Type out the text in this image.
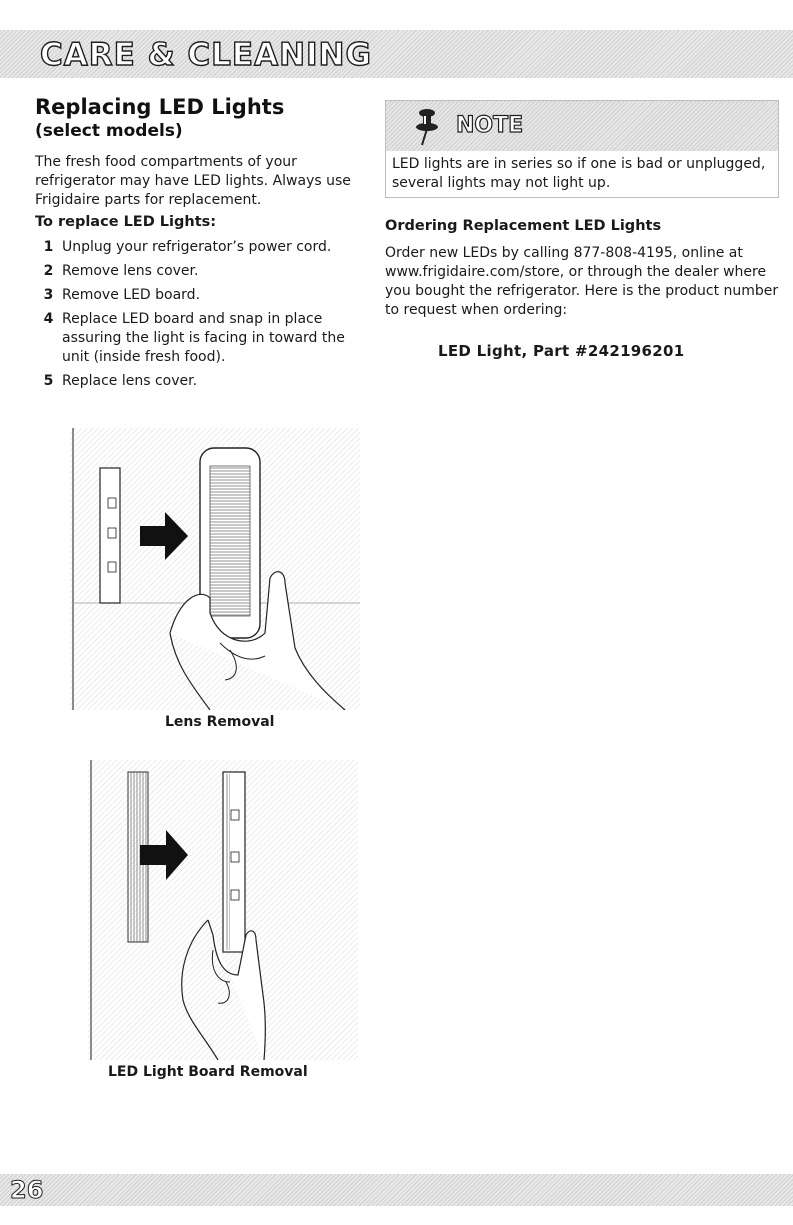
CARE & CLEANING
Replacing LED Lights
(select models)
The fresh food compartments of your refrigerator may have LED lights. Always use Frigidaire parts for replacement.
To replace LED Lights:
1 Unplug your refrigerator’s power cord.
2 Remove lens cover.
3 Remove LED board.
4 Replace LED board and snap in place assuring the light is facing in toward the unit (inside fresh food).
5 Replace lens cover.
NOTE
LED lights are in series so if one is bad or unplugged, several lights may not light up.
Ordering Replacement LED Lights
Order new LEDs by calling 877-808-4195, online at www.frigidaire.com/store, or through the dealer where you bought the refrigerator. Here is the product number to request when ordering:
LED Light, Part #242196201
Lens Removal
LED Light Board Removal
26
